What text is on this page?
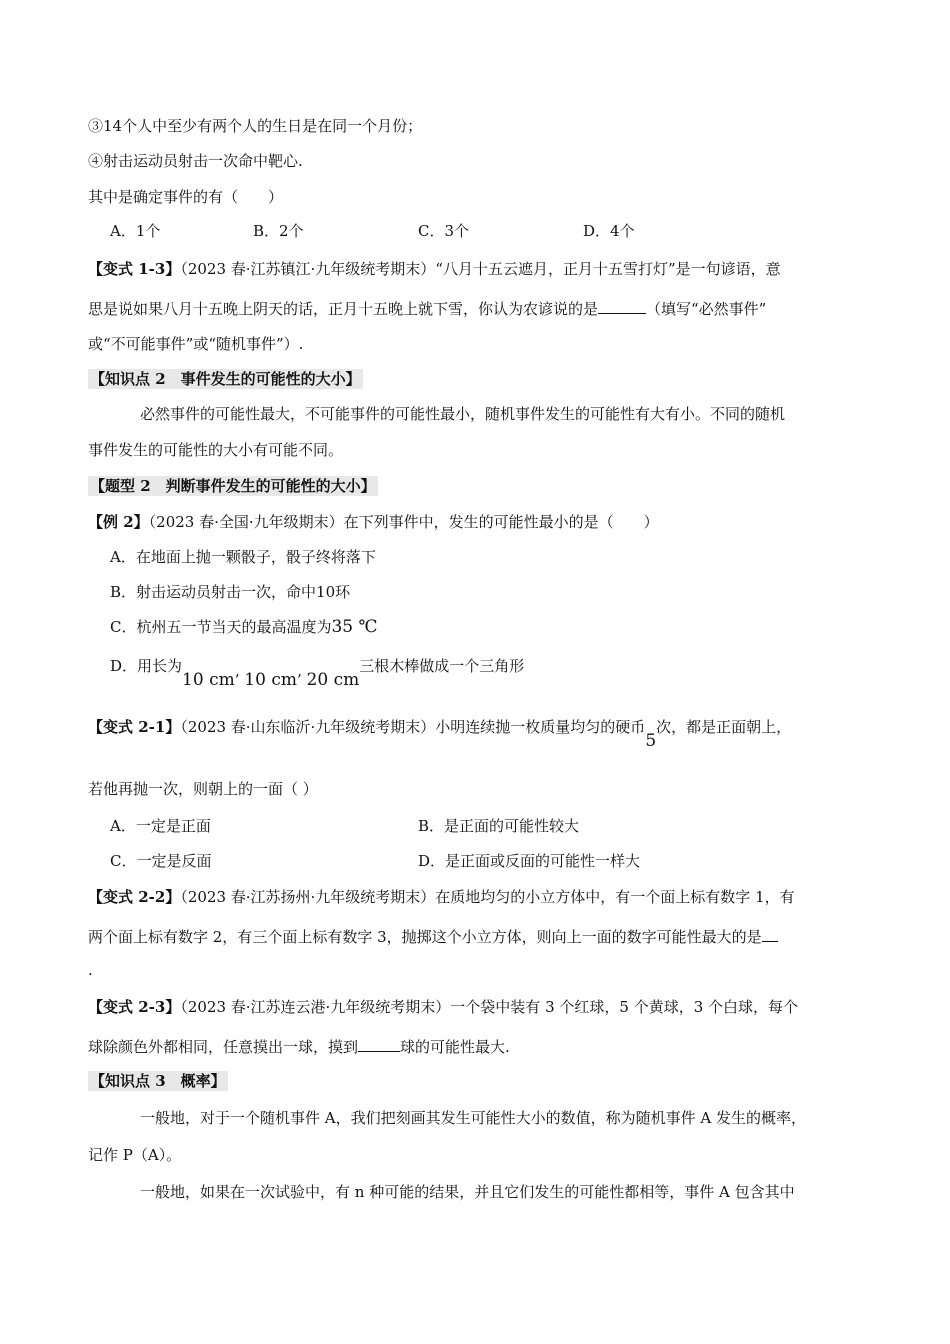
③14个人中至少有两个人的生日是在同一个月份；
④射击运动员射击一次命中靶心.
其中是确定事件的有（　　）
A．1个	B．2个	C．3个	D．4个
【变式 1-3】（2023 春·江苏镇江·九年级统考期末）“八月十五云遮月，正月十五雪打灯”是一句谚语，意
思是说如果八月十五晚上阴天的话，正月十五晚上就下雪，你认为农谚说的是	（填写“必然事件”
或“不可能事件”或“随机事件”）.
【知识点 2　事件发生的可能性的大小】
必然事件的可能性最大，不可能事件的可能性最小，随机事件发生的可能性有大有小。不同的随机
事件发生的可能性的大小有可能不同。
【题型 2　判断事件发生的可能性的大小】
【例 2】（2023 春·全国·九年级期末）在下列事件中，发生的可能性最小的是（　　）
A．在地面上抛一颗骰子，骰子终将落下
B．射击运动员射击一次，命中10环
C．杭州五一节当天的最高温度为35 ℃
D．用长为10 cm’ 10 cm’ 20 cm三根木棒做成一个三角形
【变式 2-1】（2023 春·山东临沂·九年级统考期末）小明连续抛一枚质量均匀的硬币5次，都是正面朝上，
若他再抛一次，则朝上的一面（ ）
A．一定是正面	B．是正面的可能性较大
C．一定是反面	D．是正面或反面的可能性一样大
【变式 2-2】（2023 春·江苏扬州·九年级统考期末）在质地均匀的小立方体中，有一个面上标有数字 1，有
两个面上标有数字 2，有三个面上标有数字 3，抛掷这个小立方体，则向上一面的数字可能性最大的是
.
【变式 2-3】（2023 春·江苏连云港·九年级统考期末）一个袋中装有 3 个红球，5 个黄球，3 个白球，每个
球除颜色外都相同，任意摸出一球，摸到	球的可能性最大.
【知识点 3　概率】
一般地，对于一个随机事件 A，我们把刻画其发生可能性大小的数值，称为随机事件 A 发生的概率，
记作 P（A）。
一般地，如果在一次试验中，有 n 种可能的结果，并且它们发生的可能性都相等，事件 A 包含其中
